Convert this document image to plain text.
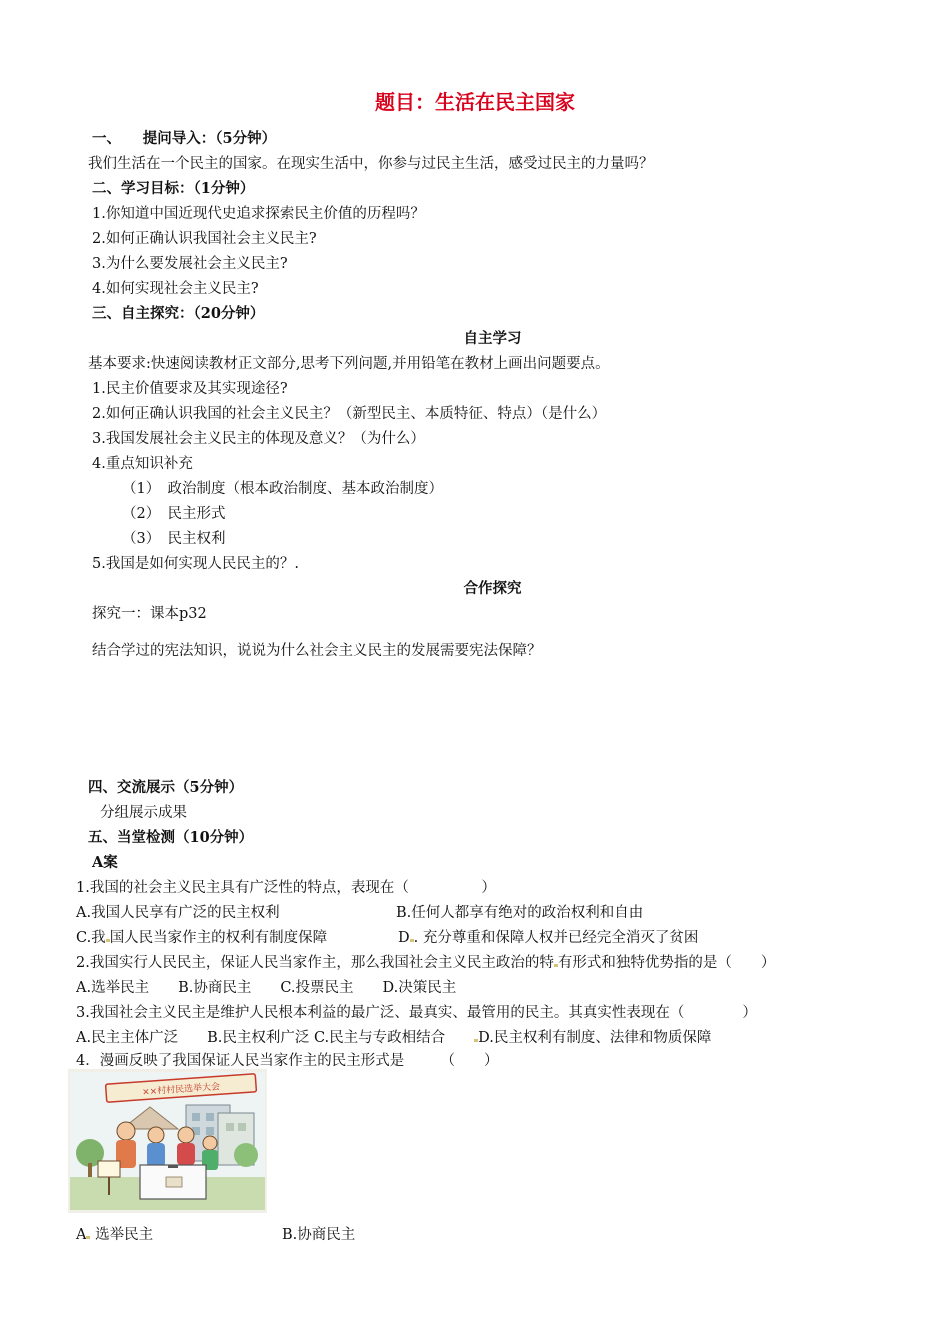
题目：生活在民主国家
一、　　提问导入：（5分钟）
我们生活在一个民主的国家。在现实生活中，你参与过民主生活，感受过民主的力量吗？
二、学习目标：（1分钟）
1.你知道中国近现代史追求探索民主价值的历程吗？
2.如何正确认识我国社会主义民主?
3.为什么要发展社会主义民主?
4.如何实现社会主义民主?
三、自主探究：（20分钟）
自主学习
基本要求:快速阅读教材正文部分,思考下列问题,并用铅笔在教材上画出问题要点。
1.民主价值要求及其实现途径?
2.如何正确认识我国的社会主义民主？（新型民主、本质特征、特点）（是什么）
3.我国发展社会主义民主的体现及意义？（为什么）
4.重点知识补充
（1）　政治制度（根本政治制度、基本政治制度）
（2）　民主形式
（3）　民主权利
5.我国是如何实现人民民主的？.
合作探究
探究一：课本p32
结合学过的宪法知识，说说为什么社会主义民主的发展需要宪法保障？
四、交流展示（5分钟）
分组展示成果
五、当堂检测（10分钟）
A案
1.我国的社会主义民主具有广泛性的特点，表现在（　　　　　）
A.我国人民享有广泛的民主权利	B.任何人都享有绝对的政治权利和自由
C.我 国人民当家作主的权利有制度保障	D . 充分尊重和保障人权并已经完全消灭了贫困
2.我国实行人民民主，保证人民当家作主，那么我国社会主义民主政治的特 有形式和独特优势指的是（　　）
A.选举民主　　B.协商民主　　C.投票民主　　D.决策民主
3.我国社会主义民主是维护人民根本利益的最广泛、最真实、最管用的民主。其真实性表现在（　　　　）
A.民主主体广泛　　B.民主权利广泛 C.民主与专政相结合　　D.民主权利有制度、法律和物质保障
4．漫画反映了我国保证人民当家作主的民主形式是　　　（　　）
××村村民选举大会
A 选举民主	B.协商民主
